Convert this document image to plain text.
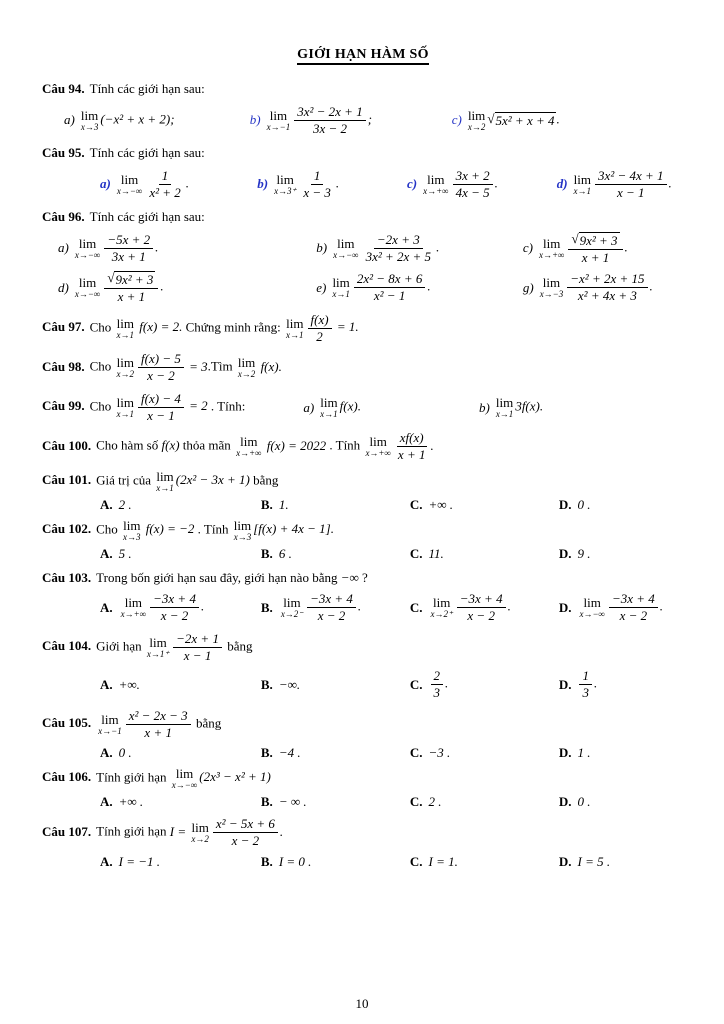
GIỚI HẠN HÀM SỐ

Câu 94. Tính các giới hạn sau:

a) lim
x→3
(−x² + x + 2);	b) lim
$x\to-1 \frac{\text{3x² − 2x + 1}}{3x - 2}$ ;	c) lim
x→2
√ 5x² + x + 4 .

Câu 95. Tính các giới hạn sau:

a) lim
$x\to-\infty \frac{1}{\text{x² + 2}}$ .	b) lim
$x\to 3^+ \frac{1}{x - 3}$ .	c) lim
$x\to+\infty \frac{3x + 2}{4x - 5}$ .	d) lim
$x\to 1 \frac{\text{3x² − 4x + 1}}{x - 1}$ .

Câu 96. Tính các giới hạn sau:

a) lim
$x\to-\infty \frac{-5x + 2}{3x + 1}$ .	b) lim
$x\to-\infty \frac{-2x + 3}{\text{3x² + 2x + 5}}$ .	c) lim
$x\to+\infty \frac{\text{√ 9x² + 3}}{x + 1}$ .
d) lim
$x\to-\infty \frac{\text{√ 9x² + 3}}{x + 1}$ .	e) lim
$x\to 1 \frac{\text{2x² − 8x + 6}}{\text{x² − 1}}$ .	g) lim
$x\to-3 \frac{\text{−x² + 2x + 15}}{\text{x² + 4x + 3}}$ .

Câu 97. Cho lim
x→1
f(x) = 2. Chứng minh rằng: lim
$x\to 1 \frac{f(x)}{2} = 1$.

Câu 98. Cho lim
$x\to 2 \frac{f(x) - 5}{x - 2}$ = 3.Tìm lim
x→2
f(x).

Câu 99. Cho lim
$x\to 1 \frac{f(x) - 4}{x - 1} = 2$ . Tính:	a) lim
x→1
f(x).	b) lim
x→1
3f(x).

Câu 100. Cho hàm số f(x) thỏa mãn lim
x→+∞
f(x) = 2022 . Tính lim
$x\to+\infty \frac{xf(x)}{x + 1}$ .

Câu 101. Giá trị của lim
x→1
(2x² − 3x + 1) bằng

A. 2 .	B. 1.	C. +∞ .	D. 0 .

Câu 102. Cho lim
x→3
f(x) = −2 . Tính lim
x→3
[f(x) + 4x − 1].

A. 5 .	B. 6 .	C. 11.	D. 9 .

Câu 103. Trong bốn giới hạn sau đây, giới hạn nào bằng −∞ ?

A. lim
$x\to+\infty \frac{-3x + 4}{x - 2}$ .	B. lim
$x\to 2^- \frac{-3x + 4}{x - 2}$ .	C. lim
$x\to 2^+ \frac{-3x + 4}{x - 2}$ .	D. lim
$x\to-\infty \frac{-3x + 4}{x - 2}$ .

Câu 104. Giới hạn lim
$x\to 1^+ \frac{-2x + 1}{x - 1}$ bằng

A. +∞.	B. −∞.	C. $\frac{2}{3}$ .	D. $\frac{1}{3}$ .

Câu 105. lim
$x\to-1 \frac{\text{x² − 2x − 3}}{x + 1}$ bằng

A. 0 .	B. −4 .	C. −3 .	D. 1 .

Câu 106. Tính giới hạn lim
x→−∞
(2x³ − x² + 1)

A. +∞ .	B. − ∞ .	C. 2 .	D. 0 .

Câu 107. Tính giới hạn I = lim
$x\to 2 \frac{\text{x² − 5x + 6}}{x - 2}$ .

A. I = −1 .	B. I = 0 .	C. I = 1.	D. I = 5 .
10
